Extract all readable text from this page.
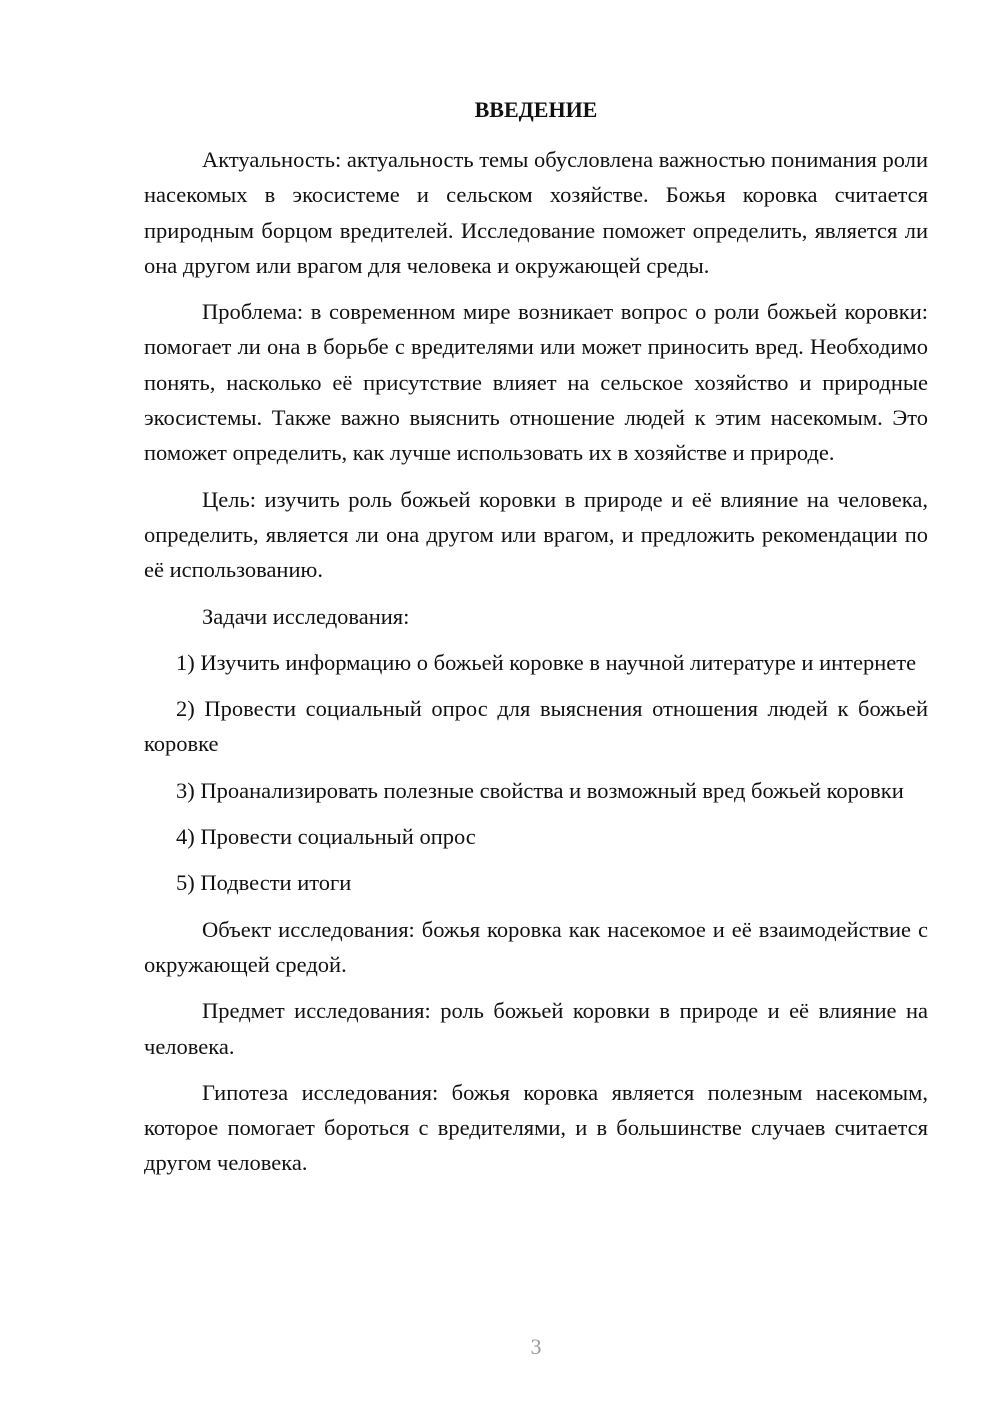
ВВЕДЕНИЕ

Актуальность: актуальность темы обусловлена важностью понимания роли насекомых в экосистеме и сельском хозяйстве. Божья коровка считается природным борцом вредителей. Исследование поможет определить, является ли она другом или врагом для человека и окружающей среды.

Проблема: в современном мире возникает вопрос о роли божьей коровки: помогает ли она в борьбе с вредителями или может приносить вред. Необходимо понять, насколько её присутствие влияет на сельское хозяйство и природные экосистемы. Также важно выяснить отношение людей к этим насекомым. Это поможет определить, как лучше использовать их в хозяйстве и природе.

Цель: изучить роль божьей коровки в природе и её влияние на человека, определить, является ли она другом или врагом, и предложить рекомендации по её использованию.

Задачи исследования:

1) Изучить информацию о божьей коровке в научной литературе и интернете

2) Провести социальный опрос для выяснения отношения людей к божьей коровке

3) Проанализировать полезные свойства и возможный вред божьей коровки

4) Провести социальный опрос

5) Подвести итоги

Объект исследования: божья коровка как насекомое и её взаимодействие с окружающей средой.

Предмет исследования: роль божьей коровки в природе и её влияние на человека.

Гипотеза исследования: божья коровка является полезным насекомым, которое помогает бороться с вредителями, и в большинстве случаев считается другом человека.

3
